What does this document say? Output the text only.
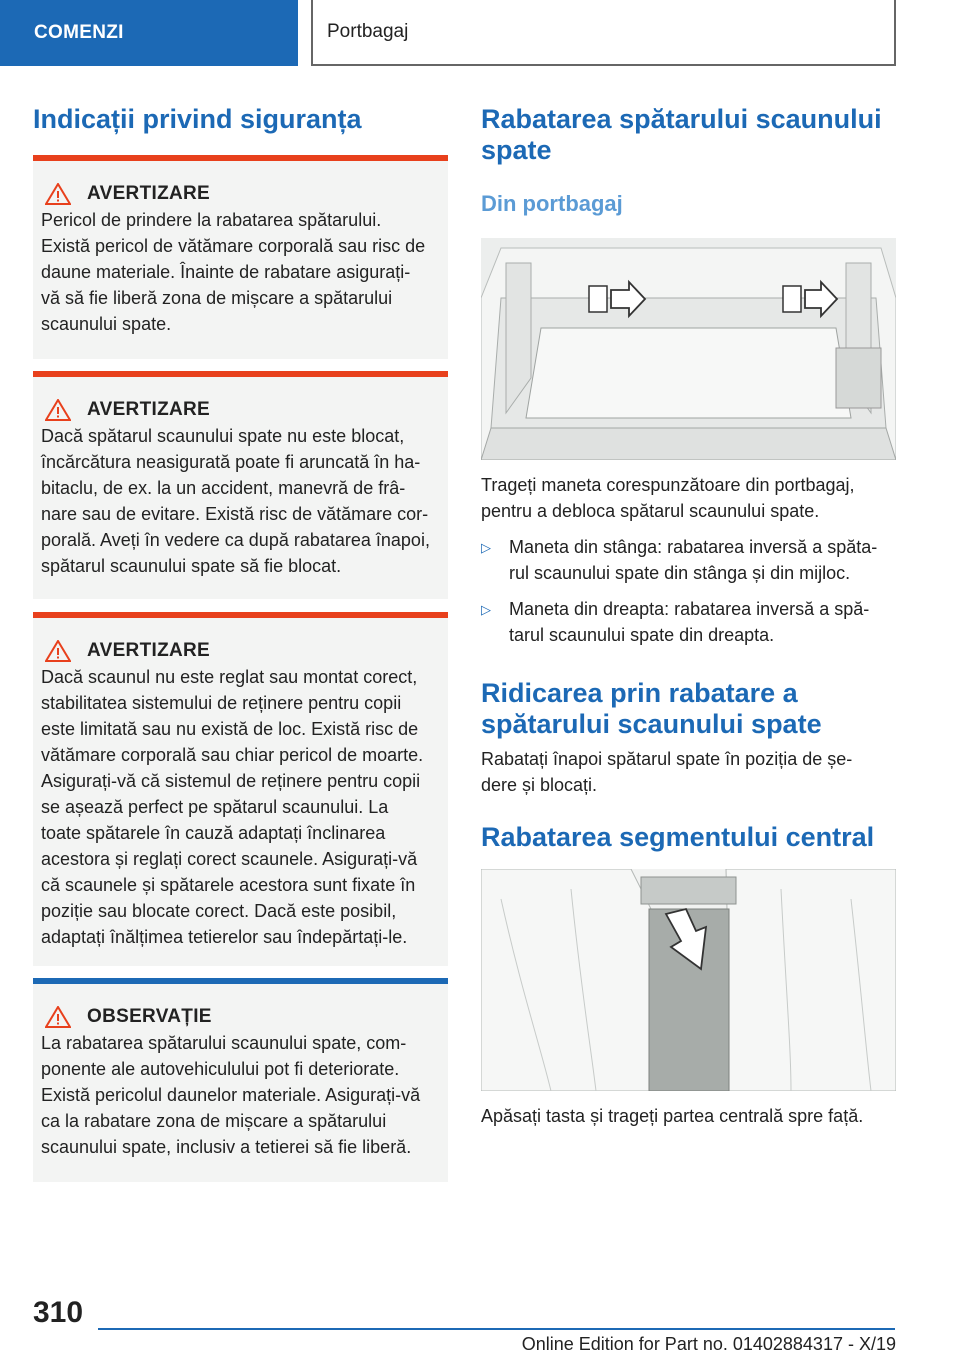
COMENZI	Portbagaj
Indicații privind siguranța
AVERTIZARE
Pericol de prindere la rabatarea spătarului.
Există pericol de vătămare corporală sau risc de
daune materiale. Înainte de rabatare asigurați-
vă să fie liberă zona de mișcare a spătarului
scaunului spate.
AVERTIZARE
Dacă spătarul scaunului spate nu este blocat,
încărcătura neasigurată poate fi aruncată în ha-
bitaclu, de ex. la un accident, manevră de frâ-
nare sau de evitare. Există risc de vătămare cor-
porală. Aveți în vedere ca după rabatarea înapoi,
spătarul scaunului spate să fie blocat.
AVERTIZARE
Dacă scaunul nu este reglat sau montat corect,
stabilitatea sistemului de reținere pentru copii
este limitată sau nu există de loc. Există risc de
vătămare corporală sau chiar pericol de moarte.
Asigurați-vă că sistemul de reținere pentru copii
se așează perfect pe spătarul scaunului. La
toate spătarele în cauză adaptați înclinarea
acestora și reglați corect scaunele. Asigurați-vă
că scaunele și spătarele acestora sunt fixate în
poziție sau blocate corect. Dacă este posibil,
adaptați înălțimea tetierelor sau îndepărtați-le.
OBSERVAȚIE
La rabatarea spătarului scaunului spate, com-
ponente ale autovehiculului pot fi deteriorate.
Există pericolul daunelor materiale. Asigurați-vă
ca la rabatare zona de mișcare a spătarului
scaunului spate, inclusiv a tetierei să fie liberă.
Rabatarea spătarului scaunului
spate
Din portbagaj
Trageți maneta corespunzătoare din portbagaj,
pentru a debloca spătarul scaunului spate.
▷	Maneta din stânga: rabatarea inversă a spăta-
rul scaunului spate din stânga și din mijloc.
▷	Maneta din dreapta: rabatarea inversă a spă-
tarul scaunului spate din dreapta.
Ridicarea prin rabatare a
spătarului scaunului spate
Rabatați înapoi spătarul spate în poziția de șe-
dere și blocați.
Rabatarea segmentului central
Apăsați tasta și trageți partea centrală spre față.
310
Online Edition for Part no. 01402884317 - X/19
